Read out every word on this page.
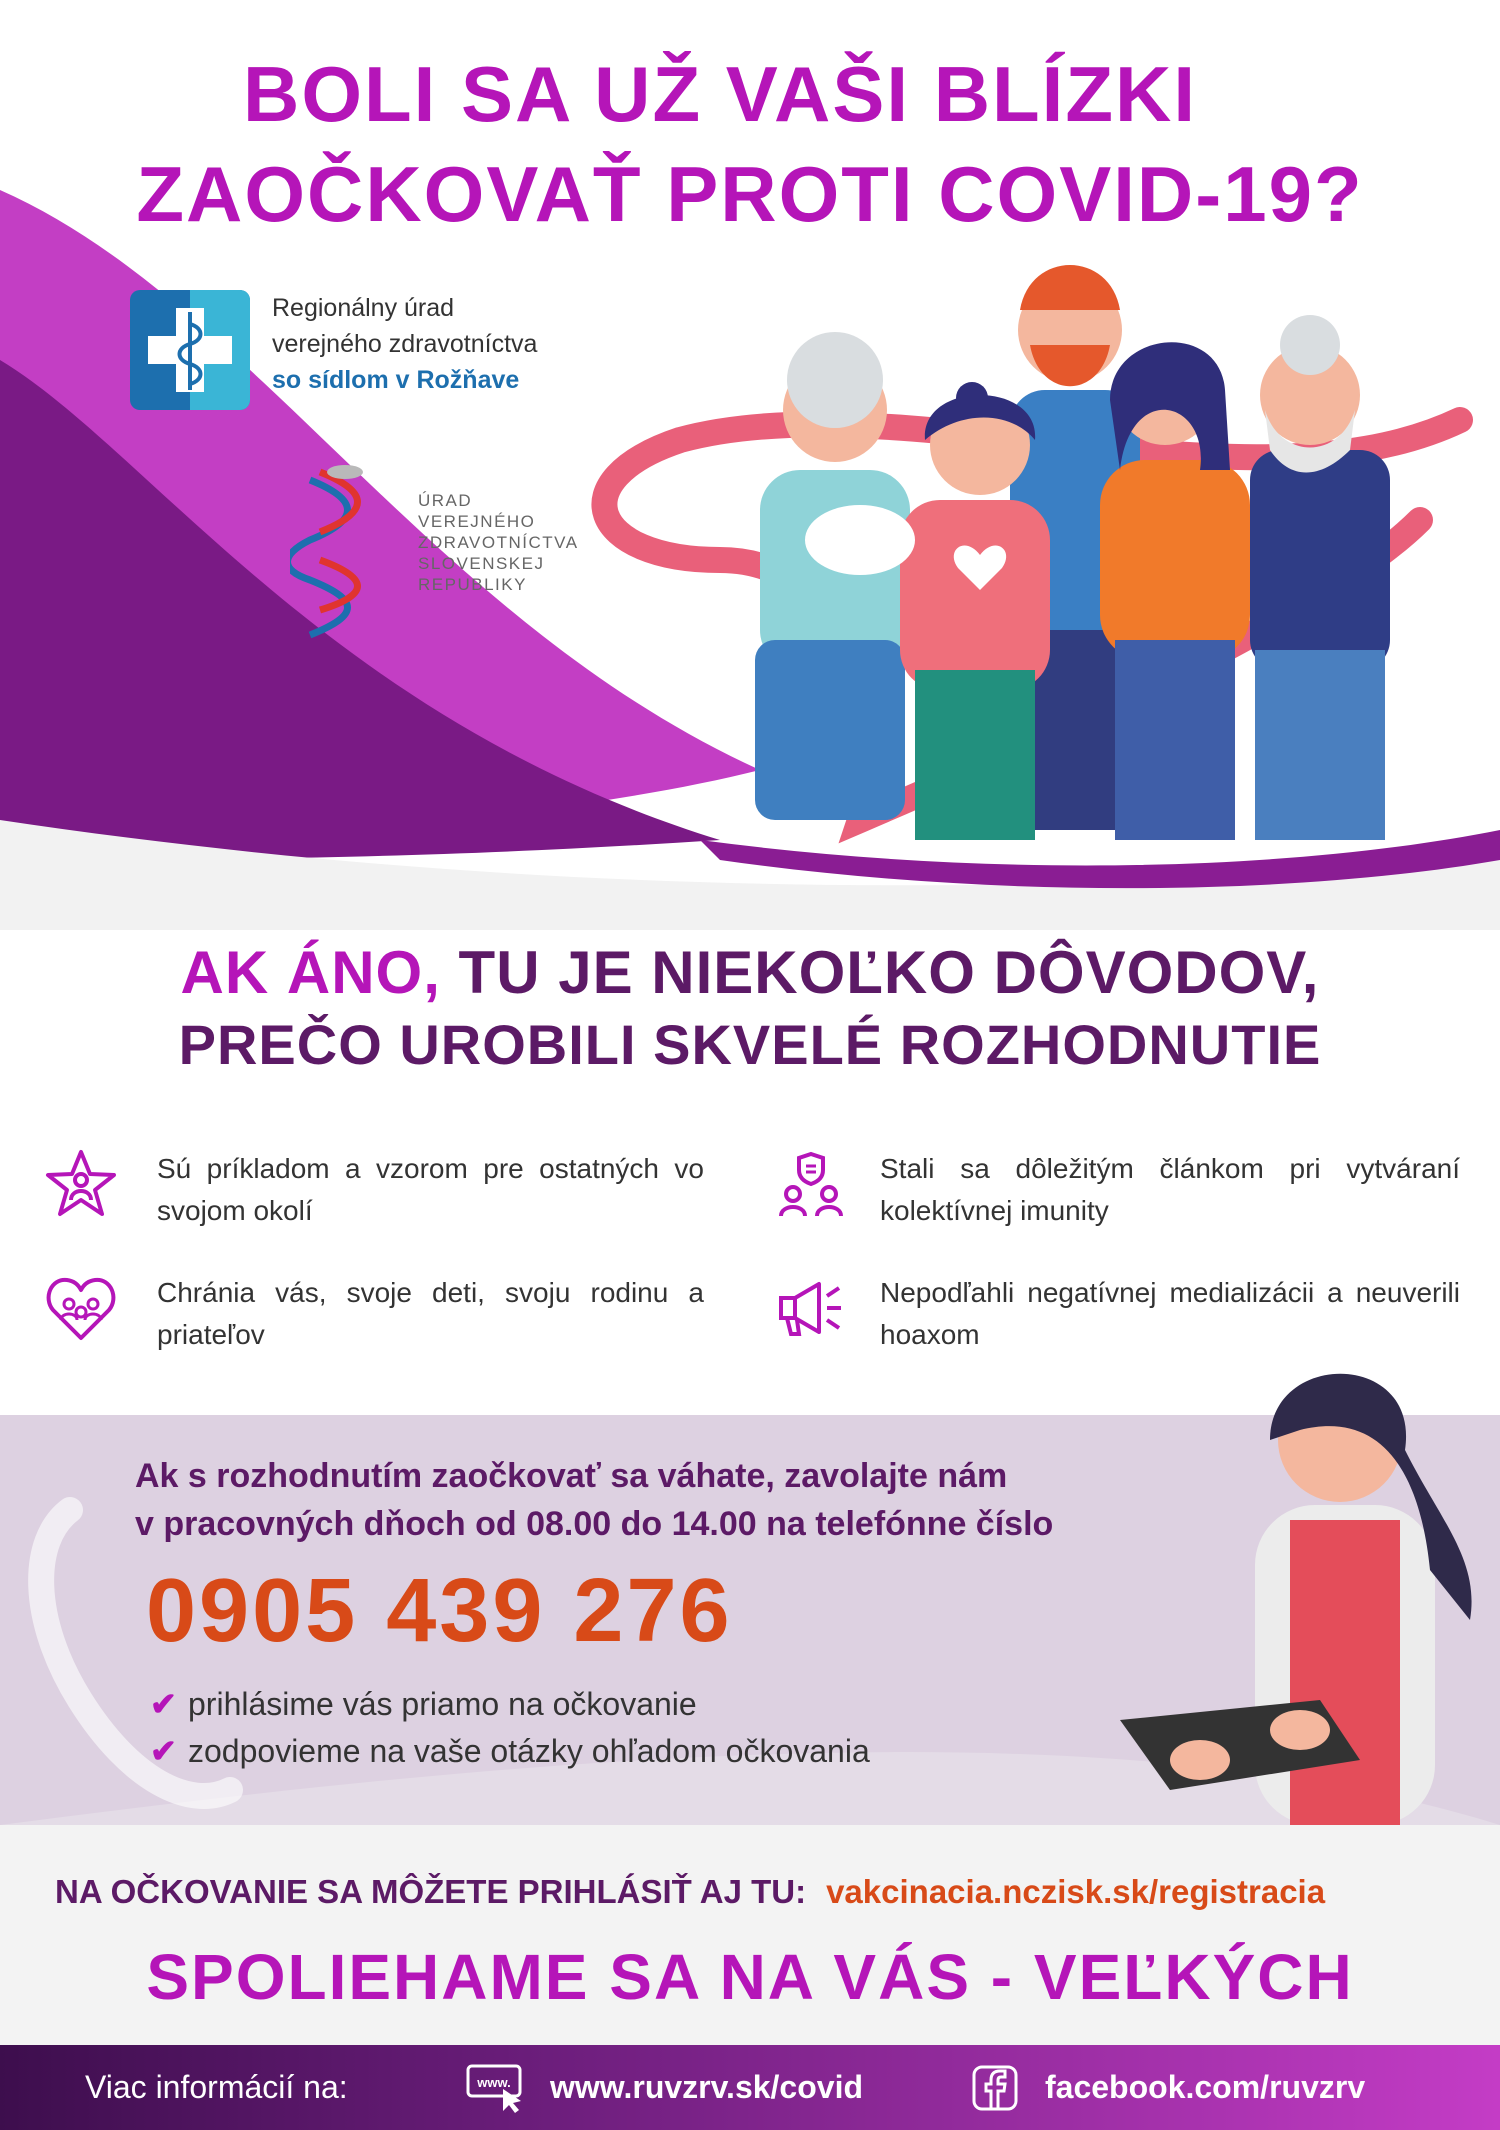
BOLI SA UŽ VAŠI BLÍZKI
ZAOČKOVAŤ PROTI COVID-19?
Regionálny úrad
verejného zdravotníctva
so sídlom v Rožňave
ÚRAD
VEREJNÉHO
ZDRAVOTNÍCTVA
SLOVENSKEJ
REPUBLIKY
AK ÁNO, TU JE NIEKOĽKO DÔVODOV,
PREČO UROBILI SKVELÉ ROZHODNUTIE
Sú príkladom a vzorom pre ostatných vo svojom okolí
Stali sa dôležitým článkom pri vytváraní kolektívnej imunity
Chránia vás, svoje deti, svoju rodinu a priateľov
Nepodľahli negatívnej medializácii a neuverili hoaxom
Ak s rozhodnutím zaočkovať sa váhate, zavolajte nám
v pracovných dňoch od 08.00 do 14.00 na telefónne číslo
0905 439 276
✔ prihlásime vás priamo na očkovanie
✔ zodpovieme na vaše otázky ohľadom očkovania
NA OČKOVANIE SA MÔŽETE PRIHLÁSIŤ AJ TU: vakcinacia.nczisk.sk/registracia
SPOLIEHAME SA NA VÁS - VEĽKÝCH
Viac informácií na:	www. www.ruvzrv.sk/covid	facebook.com/ruvzrv
